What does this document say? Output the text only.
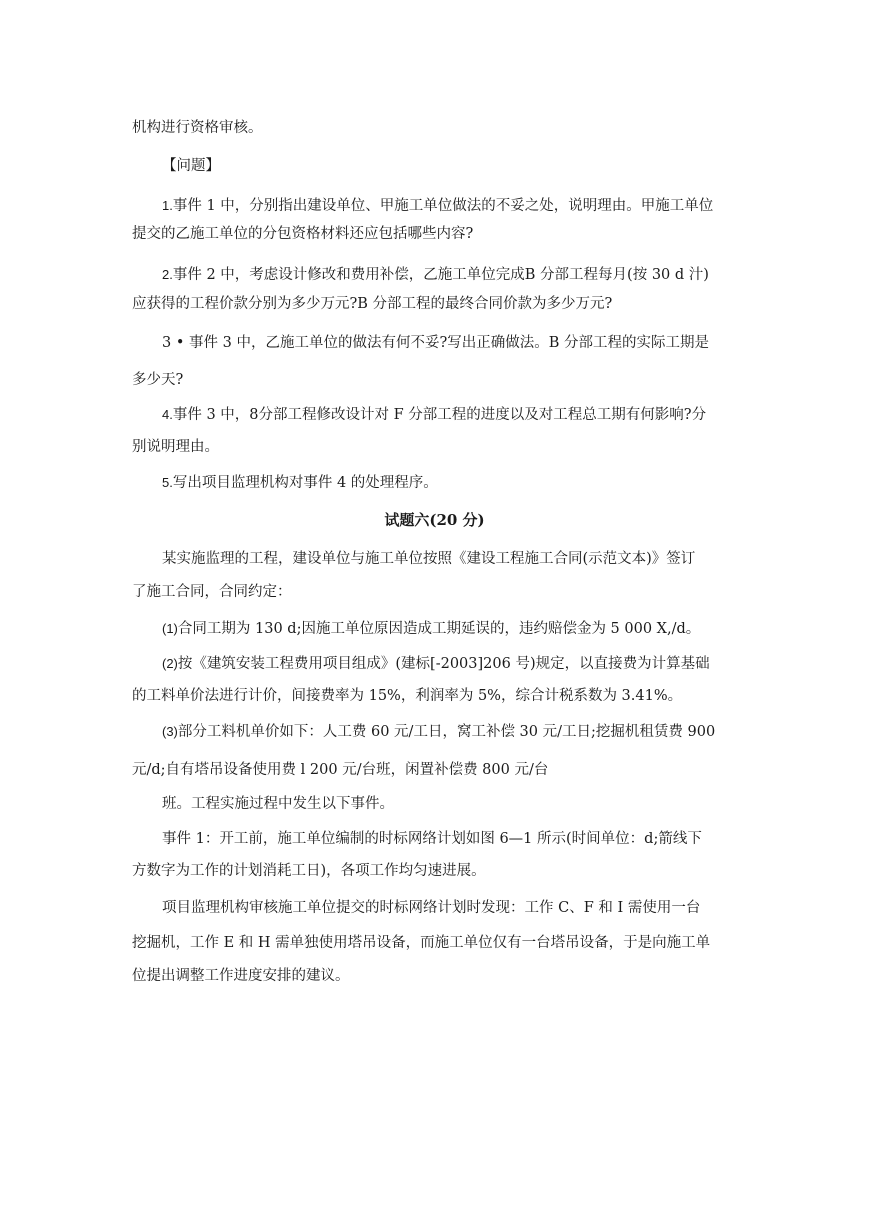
机构进行资格审核。
【问题】
1.事件 1 中，分别指出建设单位、甲施工单位做法的不妥之处，说明理由。甲施工单位
提交的乙施工单位的分包资格材料还应包括哪些内容?
2.事件 2 中，考虑设计修改和费用补偿，乙施工单位完成B 分部工程每月(按 30 d 汁)
应获得的工程价款分别为多少万元?B 分部工程的最终合同价款为多少万元?
3 • 事件 3 中，乙施工单位的做法有何不妥?写出正确做法。B 分部工程的实际工期是
多少天?
4.事件 3 中，8分部工程修改设计对 F 分部工程的进度以及对工程总工期有何影响?分
别说明理由。
5.写出项目监理机构对事件 4 的处理程序。
试题六(20 分)
某实施监理的工程，建设单位与施工单位按照《建设工程施工合同(示范文本)》签订
了施工合同，合同约定：
(1)合同工期为 130 d;因施工单位原因造成工期延误的，违约赔偿金为 5 000 X,/d。
(2)按《建筑安装工程费用项目组成》(建标[-2003]206 号)规定，以直接费为计算基础
的工料单价法进行计价，间接费率为 15%，利润率为 5%，综合计税系数为 3.41%。
(3)部分工料机单价如下：人工费 60 元/工日，窝工补偿 30 元/工日;挖掘机租赁费 900
元/d;自有塔吊设备使用费 l 200 元/台班，闲置补偿费 800 元/台
班。工程实施过程中发生以下事件。
事件 1：开工前，施工单位编制的时标网络计划如图 6—1 所示(时间单位：d;箭线下
方数字为工作的计划消耗工日)，各项工作均匀速进展。
项目监理机构审核施工单位提交的时标网络计划时发现：工作 C、F 和 I 需使用一台
挖掘机，工作 E 和 H 需单独使用塔吊设备，而施工单位仅有一台塔吊设备，于是向施工单
位提出调整工作进度安排的建议。
